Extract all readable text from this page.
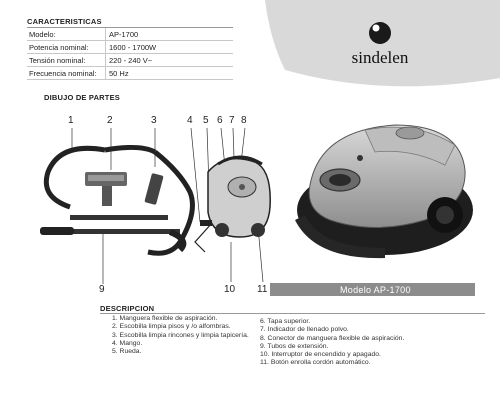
sindelen
CARACTERISTICAS
Modelo:	AP-1700
Potencia nominal:	1600 - 1700W
Tensión nominal:	220 - 240 V~
Frecuencia nominal:	50 Hz
DIBUJO DE PARTES
1	2	3	4 5 6 7 8
9	10 11	Modelo AP-1700
DESCRIPCION
1. Manguera flexible de aspiración.
2. Escobilla limpia pisos y /o alfombras.
3. Escobilla limpia rincones y limpia tapicería.
4. Mango.
5. Rueda.
6. Tapa superior.
7. Indicador de llenado polvo.
8. Conector de manguera flexible de aspiración.
9. Tubos de extensión.
10. Interruptor de encendido y apagado.
11. Botón enrolla cordón automático.
